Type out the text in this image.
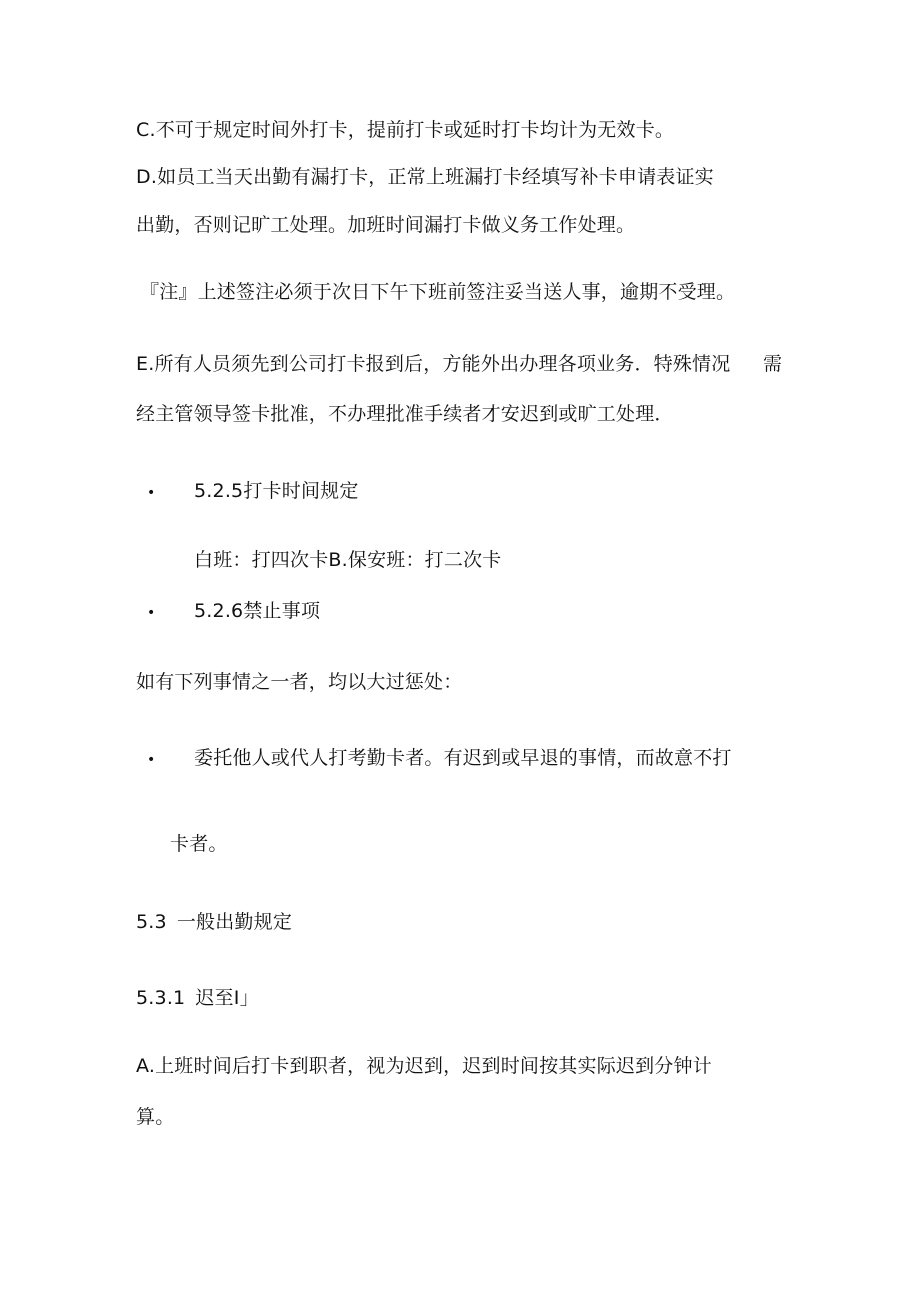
C.不可于规定时间外打卡，提前打卡或延时打卡均计为无效卡。
D.如员工当天出勤有漏打卡，正常上班漏打卡经填写补卡申请表证实
出勤，否则记旷工处理。加班时间漏打卡做义务工作处理。
『注』上述签注必须于次日下午下班前签注妥当送人事，逾期不受理。
E.所有人员须先到公司打卡报到后，方能外出办理各项业务．特殊情况 需
经主管领导签卡批准，不办理批准手续者才安迟到或旷工处理．
• 5.2.5打卡时间规定
白班：打四次卡B.保安班：打二次卡
• 5.2.6禁止事项
如有下列事情之一者，均以大过惩处：
• 委托他人或代人打考勤卡者。有迟到或早退的事情，而故意不打
卡者。
5.3 一般出勤规定
5.3.1 迟至I」
A.上班时间后打卡到职者，视为迟到，迟到时间按其实际迟到分钟计
算。
